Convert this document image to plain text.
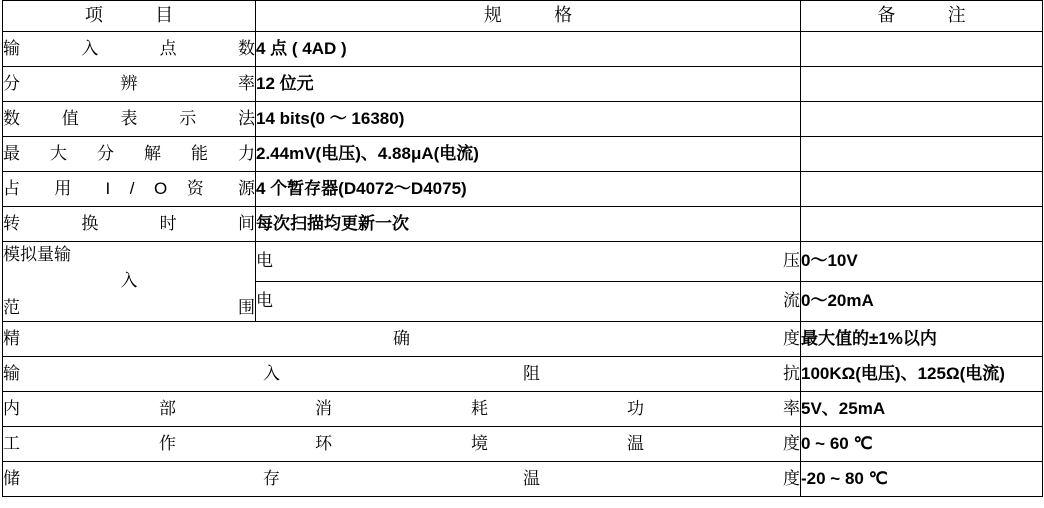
项　　目	规　　格	备　　注	

输 入 点 数	4 点 ( 4AD )		

分 辨 率	12 位元		

数 值 表 示 法	14 bits(0 ～ 16380)		

最 大 分 解 能 力	2.44mV(电压)、4.88μA(电流)		

占 用 I / O 资 源	4 个暂存器(D4072～D4075)		

转 换 时 间	每次扫描均更新一次		

模拟量输
入
范　　围	电　　压	0～10V	

	电　　流	0～20mA	

精 确 度		最大值的±1%以内	

输 入 阻 抗		100KΩ(电压)、125Ω(电流)	

内 部 消 耗 功 率		5V、25mA	

工 作 环 境 温 度		0 ~ 60 ℃	

储 存 温 度		-20 ~ 80 ℃	
